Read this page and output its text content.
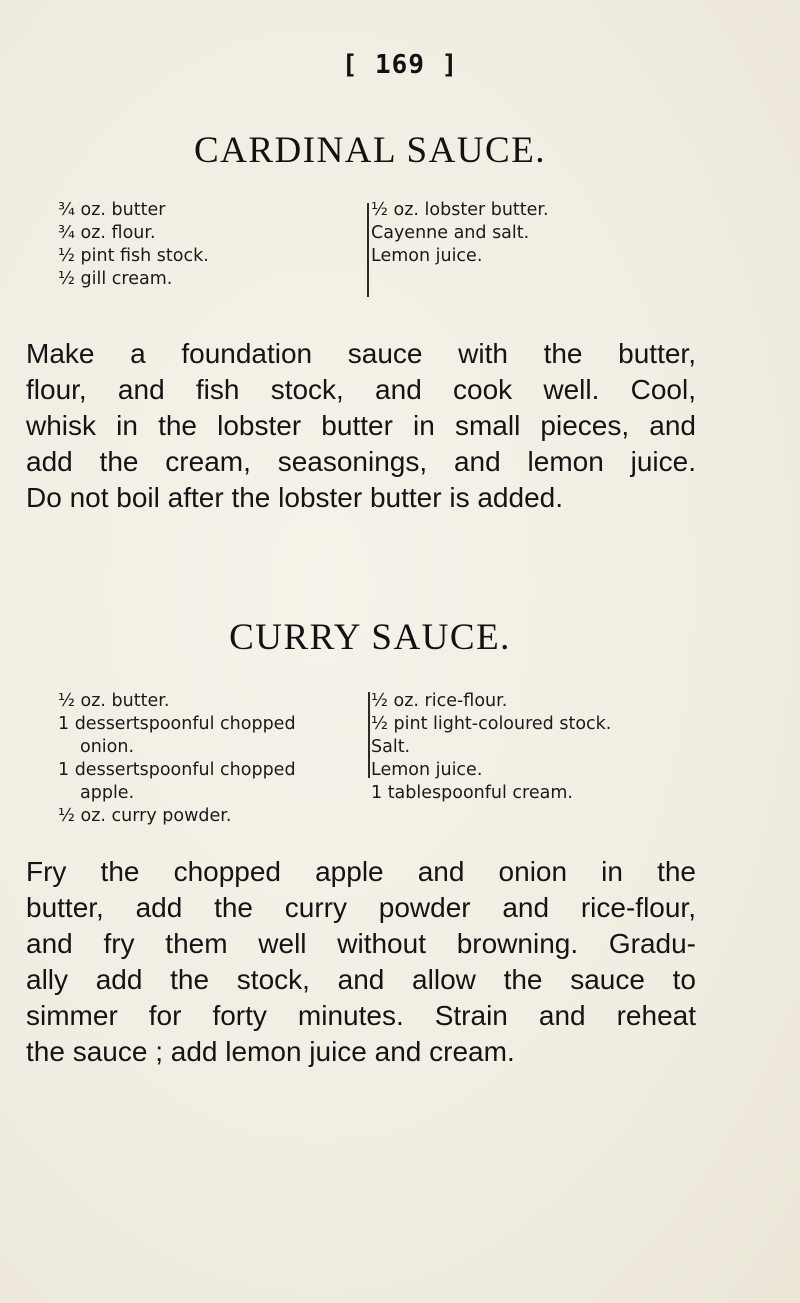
[ 169 ]
CARDINAL SAUCE.
¾ oz. butter
¾ oz. flour.
½ pint fish stock.
½ gill cream.
½ oz. lobster butter.
Cayenne and salt.
Lemon juice.
Make a foundation sauce with the butter,
flour, and fish stock, and cook well. Cool,
whisk in the lobster butter in small pieces, and
add the cream, seasonings, and lemon juice.
Do not boil after the lobster butter is added.
CURRY SAUCE.
½ oz. butter.
1 dessertspoonful chopped
onion.
1 dessertspoonful chopped
apple.
½ oz. curry powder.
½ oz. rice-flour.
½ pint light-coloured stock.
Salt.
Lemon juice.
1 tablespoonful cream.
Fry the chopped apple and onion in the
butter, add the curry powder and rice-flour,
and fry them well without browning. Gradu-
ally add the stock, and allow the sauce to
simmer for forty minutes. Strain and reheat
the sauce ; add lemon juice and cream.
